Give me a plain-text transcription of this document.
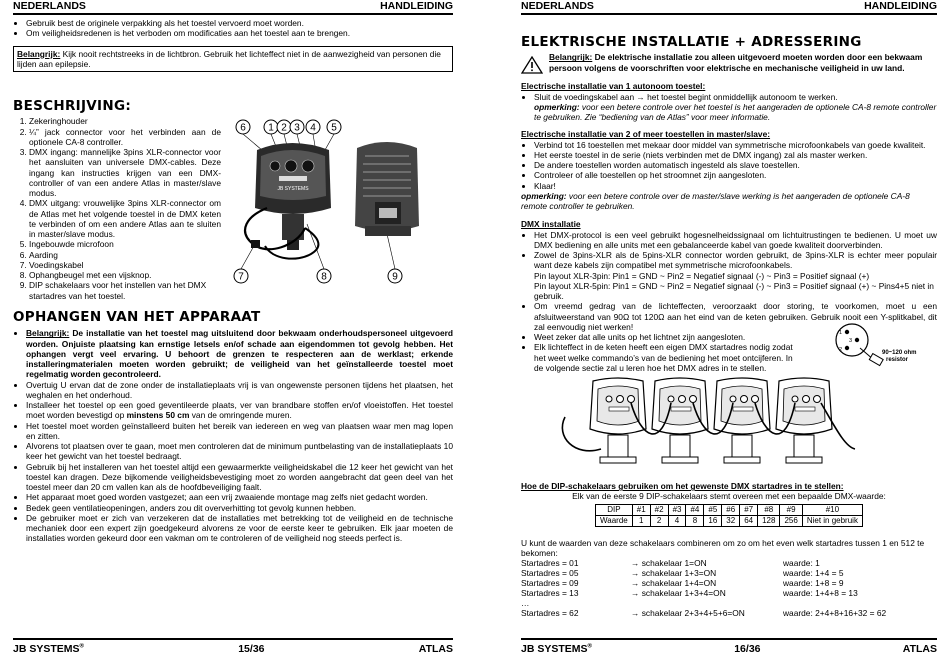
NEDERLANDS	HANDLEIDING
• Gebruik best de originele verpakking als het toestel vervoerd moet worden.
• Om veiligheidsredenen is het verboden om modificaties aan het toestel aan te brengen.
Belangrijk: Kijk nooit rechtstreeks in de lichtbron. Gebruik het lichteffect niet in de aanwezigheid van personen die lijden aan epilepsie.
BESCHRIJVING:
1. Zekeringhouder
2. ¼” jack connector voor het verbinden aan de optionele CA-8 controller.
3. DMX ingang: mannelijke 3pins XLR-connector voor het aansluiten van universele DMX-cables. Deze ingang kan instructies krijgen van een DMX-controller of van een andere Atlas in master/slave modus.
4. DMX uitgang: vrouwelijke 3pins XLR-connector om de Atlas met het volgende toestel in de DMX keten te verbinden of om een andere Atlas aan te sluiten in master/slave modus.
5. Ingebouwde microfoon
6. Aarding
7. Voedingskabel
8. Ophangbeugel met een vijsknop.
9. DIP schakelaars voor het instellen van het DMX startadres van het toestel.
6 1 2 3 4 5
7	8	9
JB SYSTEMS
OPHANGEN VAN HET APPARAAT
• Belangrijk: De installatie van het toestel mag uitsluitend door bekwaam onderhoudspersoneel uitgevoerd worden. Onjuiste plaatsing kan ernstige letsels en/of schade aan eigendommen tot gevolg hebben. Het ophangen vergt veel ervaring. U behoort de grenzen te respecteren aan de werklast; erkende installeringmaterialen moeten worden gebruikt; de veiligheid van het geïnstalleerde toestel moet regelmatig worden gecontroleerd.
• Overtuig U ervan dat de zone onder de installatieplaats vrij is van ongewenste personen tijdens het plaatsen, het weghalen en het onderhoud.
• Installeer het toestel op een goed geventileerde plaats, ver van brandbare stoffen en/of vloeistoffen. Het toestel moet worden bevestigd op minstens 50 cm van de omringende muren.
• Het toestel moet worden geïnstalleerd buiten het bereik van iedereen en weg van plaatsen waar men mag lopen en zitten.
• Alvorens tot plaatsen over te gaan, moet men controleren dat de minimum puntbelasting van de installatieplaats 10 keer het gewicht van het toestel bedraagt.
• Gebruik bij het installeren van het toestel altijd een gewaarmerkte veiligheidskabel die 12 keer het gewicht van het toestel kan dragen. Deze bijkomende veiligheidsbevestiging moet zo worden aangebracht dat geen deel van het toestel meer dan 20 cm vallen kan als de hoofdbeveiliging faalt.
• Het apparaat moet goed worden vastgezet; aan een vrij zwaaiende montage mag zelfs niet gedacht worden.
• Bedek geen ventilatieopeningen, anders zou dit oververhitting tot gevolg kunnen hebben.
• De gebruiker moet er zich van verzekeren dat de installaties met betrekking tot de veiligheid en de technische mechaniek door een expert zijn goedgekeurd alvorens ze voor de eerste keer te gebruiken. Elk jaar moeten de installaties worden gekeurd door een vakman om te controleren of de veiligheid nog steeds perfect is.
JB SYSTEMS®	15/36	ATLAS
NEDERLANDS	HANDLEIDING
ELEKTRISCHE INSTALLATIE + ADRESSERING
Belangrijk: De elektrische installatie zou alleen uitgevoerd moeten worden door een bekwaam persoon volgens de voorschriften voor elektrische en mechanische veiligheid in uw land.
Electrische installatie van 1 autonoom toestel:
• Sluit de voedingskabel aan → het toestel begint onmiddellijk autonoom te werken.
opmerking: voor een betere controle over het toestel is het aangeraden de optionele CA-8 remote controller te gebruiken. Zie “bediening van de Atlas” voor meer informatie.
Electrische installatie van 2 of meer toestellen in master/slave:
• Verbind tot 16 toestellen met mekaar door middel van symmetrische microfoonkabels van goede kwaliteit.
• Het eerste toestel in de serie (niets verbinden met de DMX ingang) zal als master werken.
• De andere toestellen worden automatisch ingesteld als slave toestellen.
• Controleer of alle toestellen op het stroomnet zijn aangesloten.
• Klaar!
opmerking: voor een betere controle over de master/slave werking is het aangeraden de optionele CA-8 remote controller te gebruiken.
DMX installatie
• Het DMX-protocol is een veel gebruikt hogesnelheidssignaal om lichtuitrustingen te bedienen. U moet uw DMX bediening en alle units met een gebalanceerde kabel van goede kwaliteit doorverbinden.
• Zowel de 3pins-XLR als de 5pins-XLR connector worden gebruikt, de 3pins-XLR is echter meer populair want deze kabels zijn compatibel met symmetrische microfoonkabels.
Pin layout XLR-3pin: Pin1 = GND ~ Pin2 = Negatief signaal (-) ~ Pin3 = Positief signaal (+)
Pin layout XLR-5pin: Pin1 = GND ~ Pin2 = Negatief signaal (-) ~ Pin3 = Positief signaal (+) ~ Pins4+5 niet in gebruik.
• Om vreemd gedrag van de lichteffecten, veroorzaakt door storing, te voorkomen, moet u een afsluitweerstand van 90Ω tot 120Ω aan het eind van de keten gebruiken. Gebruik nooit een Y-splitkabel, dit zal eenvoudig niet werken!
• Weet zeker dat alle units op het lichtnet zijn aangesloten.
• Elk lichteffect in de keten heeft een eigen DMX startadres nodig zodat het weet welke commando’s van de bediening het moet ontcijferen. In de volgende sectie zal u leren hoe het DMX adres in te stellen.
1
3
2	90~120 ohm resistor
Hoe de DIP-schakelaars gebruiken om het gewenste DMX startadres in te stellen:
Elk van de eerste 9 DIP-schakelaars stemt overeen met een bepaalde DMX-waarde:
DIP	#1	#2	#3	#4	#5	#6	#7	#8	#9	#10
Waarde	1	2	4	8	16	32	64	128	256	Niet in gebruik
U kunt de waarden van deze schakelaars combineren om zo om het even welk startadres tussen 1 en 512 te bekomen:
Startadres = 01	→ schakelaar 1=ON	waarde: 1
Startadres = 05	→ schakelaar 1+3=ON	waarde: 1+4 = 5
Startadres = 09	→ schakelaar 1+4=ON	waarde: 1+8 = 9
Startadres = 13	→ schakelaar 1+3+4=ON	waarde: 1+4+8 = 13
…
Startadres = 62	→ schakelaar 2+3+4+5+6=ON	waarde: 2+4+8+16+32 = 62
JB SYSTEMS®	16/36	ATLAS
